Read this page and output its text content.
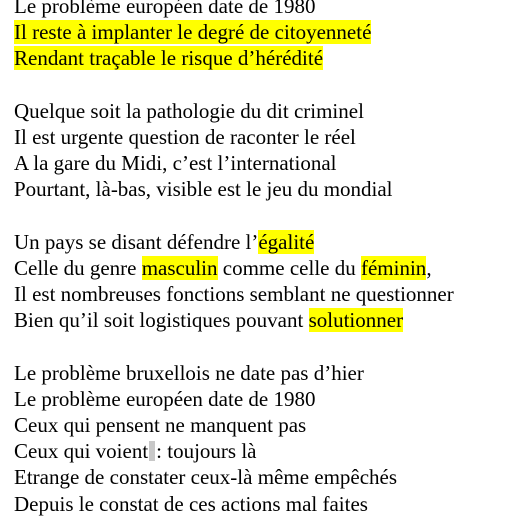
Le problème européen date de 1980
Il reste à implanter le degré de citoyenneté
Rendant traçable le risque d’hérédité
Quelque soit la pathologie du dit criminel
Il est urgente question de raconter le réel
A la gare du Midi, c’est l’international
Pourtant, là-bas, visible est le jeu du mondial
Un pays se disant défendre l’égalité
Celle du genre masculin comme celle du féminin,
Il est nombreuses fonctions semblant ne questionner
Bien qu’il soit logistiques pouvant solutionner
Le problème bruxellois ne date pas d’hier
Le problème européen date de 1980
Ceux qui pensent ne manquent pas
Ceux qui voient : toujours là
Etrange de constater ceux-là même empêchés
Depuis le constat de ces actions mal faites
